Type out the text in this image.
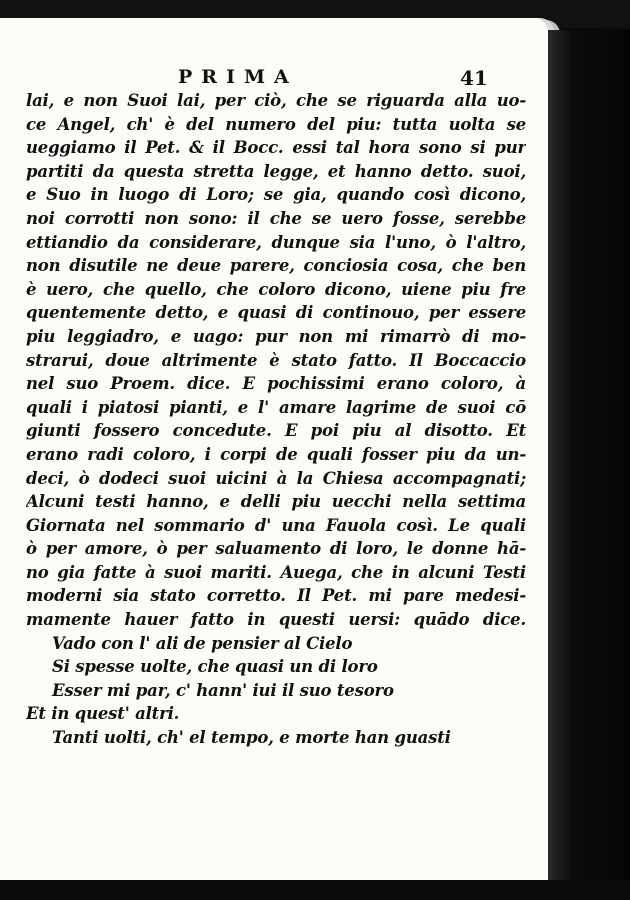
PRIMA	41
lai, e non Suoi lai, per ciò, che se riguarda alla uo-
ce Angel, ch' è del numero del piu: tutta uolta se
ueggiamo il Pet. & il Bocc. essi tal hora sono si pur
partiti da questa stretta legge, et hanno detto. suoi,
e Suo in luogo di Loro; se gia, quando così dicono,
noi corrotti non sono: il che se uero fosse, serebbe
ettiandio da considerare, dunque sia l'uno, ò l'altro,
non disutile ne deue parere, conciosia cosa, che ben
è uero, che quello, che coloro dicono, uiene piu fre
quentemente detto, e quasi di continouo, per essere
piu leggiadro, e uago: pur non mi rimarrò di mo-
strarui, doue altrimente è stato fatto. Il Boccaccio
nel suo Proem. dice. E pochissimi erano coloro, à
quali i piatosi pianti, e l' amare lagrime de suoi cō
giunti fossero concedute. E poi piu al disotto. Et
erano radi coloro, i corpi de quali fosser piu da un-
deci, ò dodeci suoi uicini à la Chiesa accompagnati;
Alcuni testi hanno, e delli piu uecchi nella settima
Giornata nel sommario d' una Fauola così. Le quali
ò per amore, ò per saluamento di loro, le donne hā-
no gia fatte à suoi mariti. Auega, che in alcuni Testi
moderni sia stato corretto. Il Pet. mi pare medesi-
mamente hauer fatto in questi uersi: quādo dice.
Vado con l' ali de pensier al Cielo
Si spesse uolte, che quasi un di loro
Esser mi par, c' hann' iui il suo tesoro
Et in quest' altri.
Tanti uolti, ch' el tempo, e morte han guasti
